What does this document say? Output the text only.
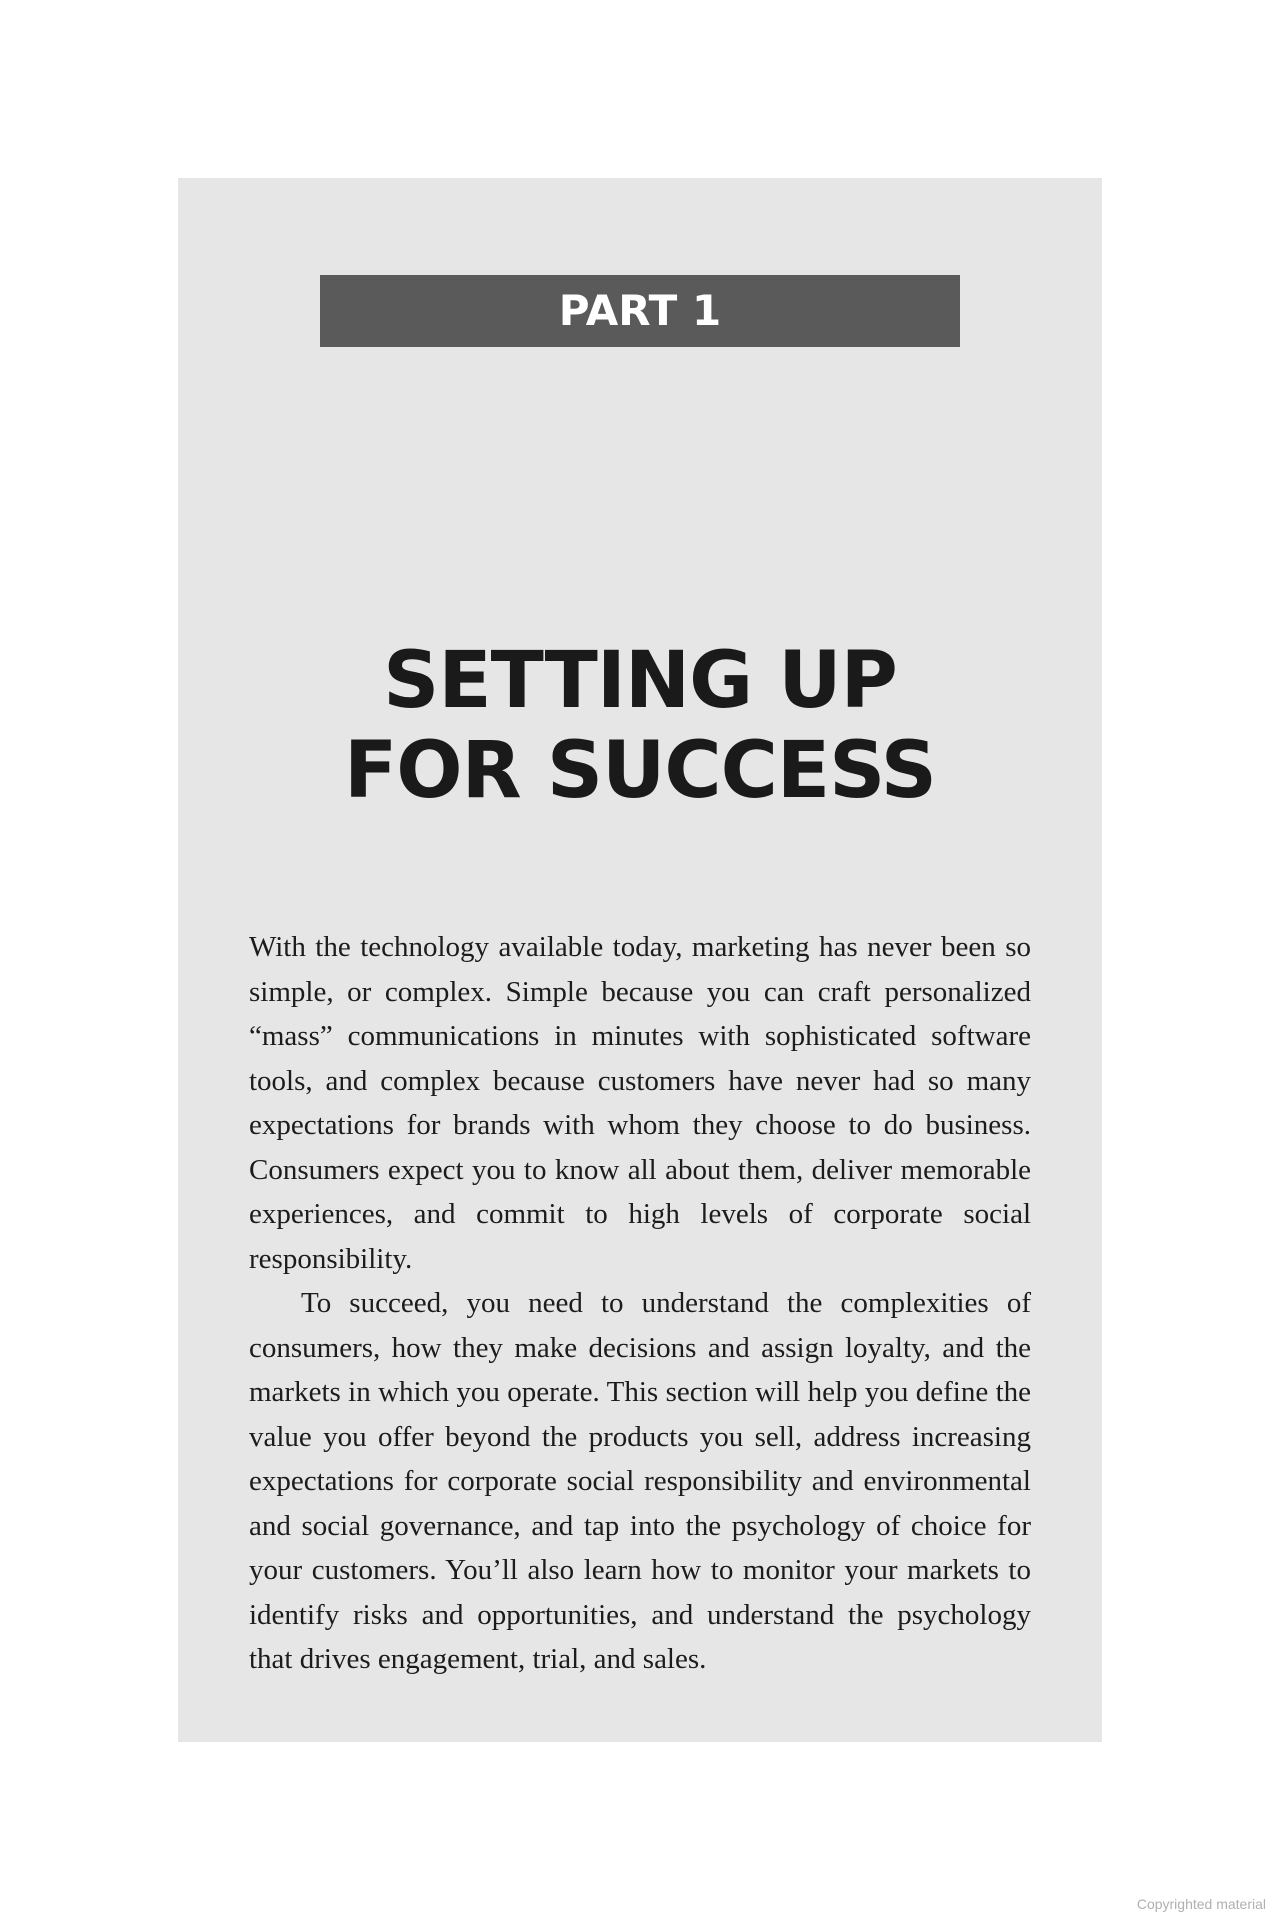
PART 1
SETTING UP
FOR SUCCESS

With the technology available today, marketing has never been so simple, or complex. Simple because you can craft personalized “mass” communications in minutes with sophisticated software tools, and complex because customers have never had so many expectations for brands with whom they choose to do business. Consumers expect you to know all about them, deliver memorable experiences, and commit to high levels of corporate social responsibility.

To succeed, you need to understand the complexities of consumers, how they make decisions and assign loyalty, and the markets in which you operate. This section will help you define the value you offer beyond the products you sell, address increasing expectations for corporate social responsibility and environmental and social governance, and tap into the psychology of choice for your customers. You’ll also learn how to monitor your markets to identify risks and opportunities, and understand the psychology that drives engagement, trial, and sales.

Copyrighted material
